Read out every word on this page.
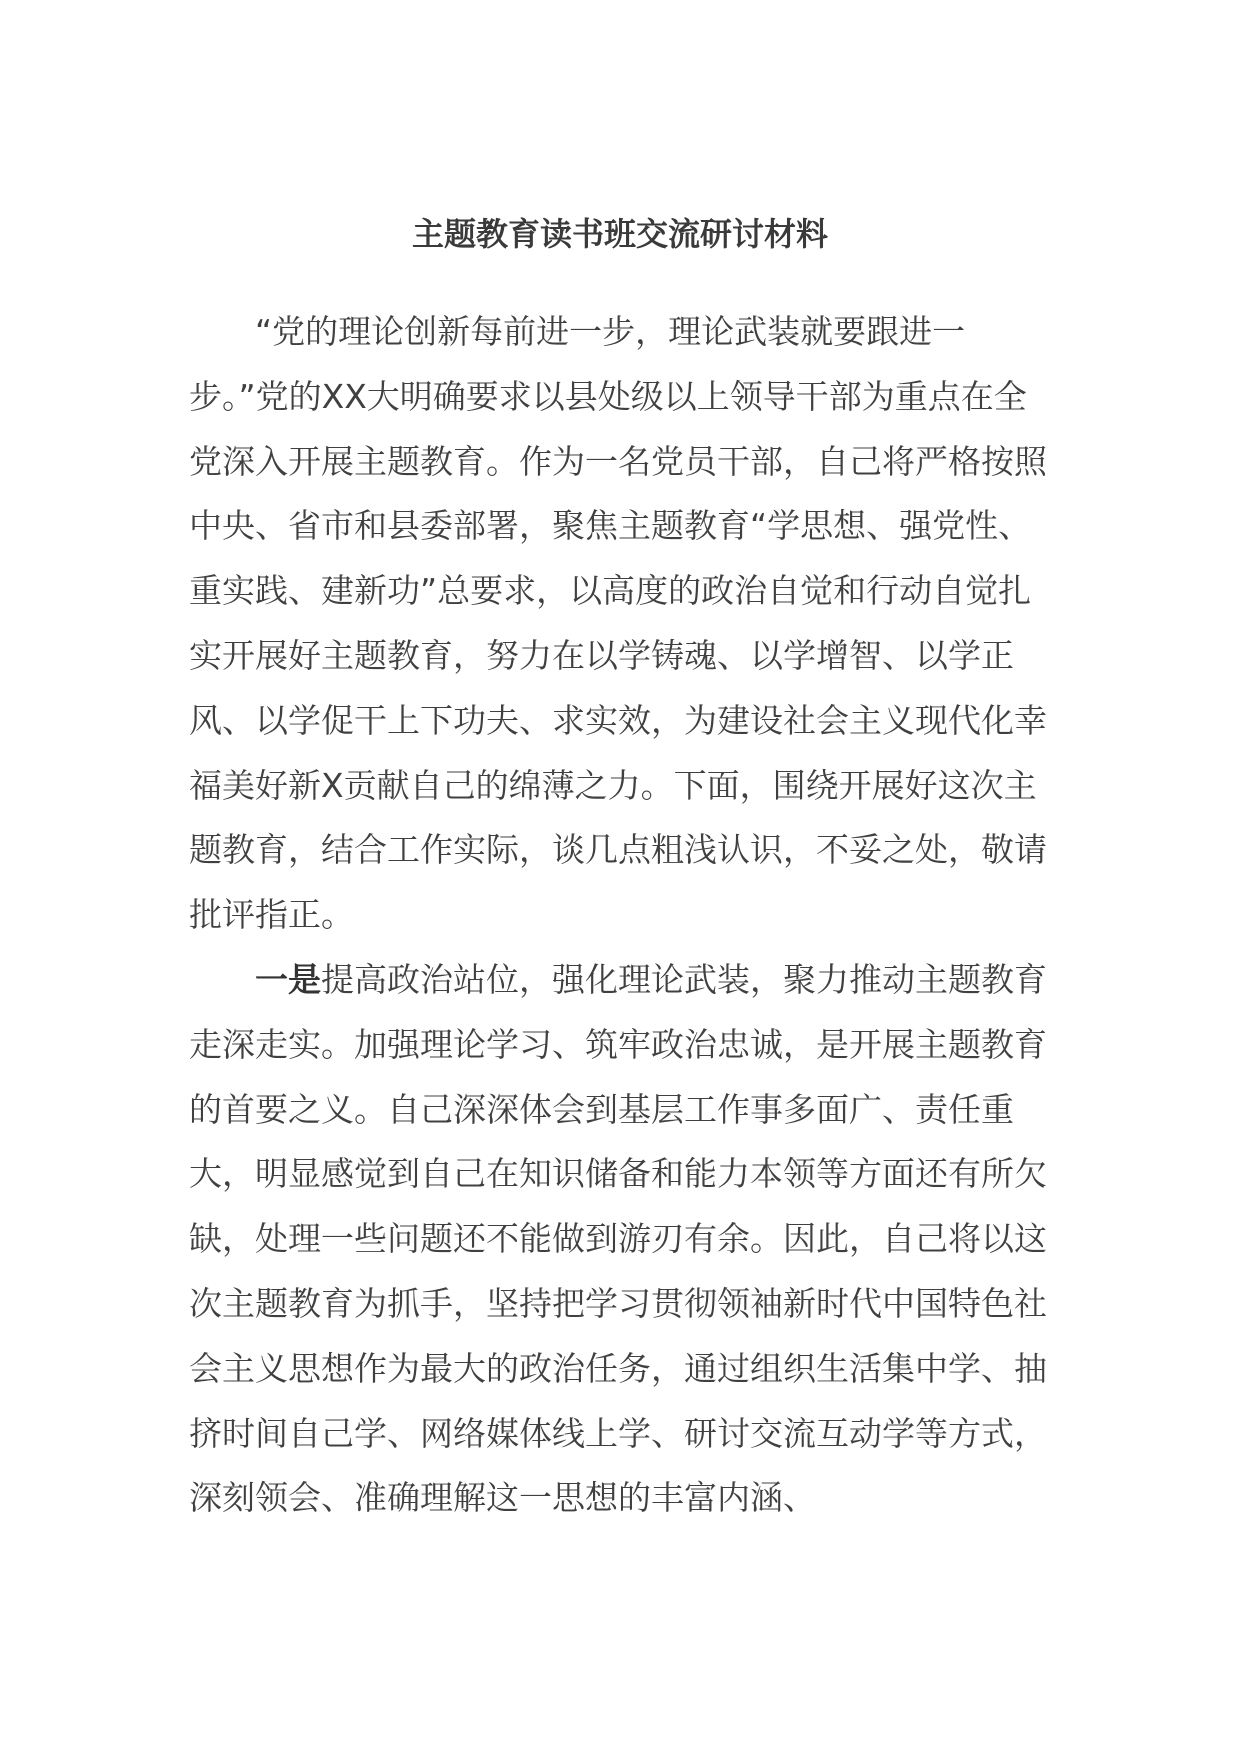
主题教育读书班交流研讨材料

“党的理论创新每前进一步，理论武装就要跟进一步。”党的XX大明确要求以县处级以上领导干部为重点在全党深入开展主题教育。作为一名党员干部，自己将严格按照中央、省市和县委部署，聚焦主题教育“学思想、强党性、重实践、建新功”总要求，以高度的政治自觉和行动自觉扎实开展好主题教育，努力在以学铸魂、以学增智、以学正风、以学促干上下功夫、求实效，为建设社会主义现代化幸福美好新X贡献自己的绵薄之力。下面，围绕开展好这次主题教育，结合工作实际，谈几点粗浅认识，不妥之处，敬请批评指正。

一是提高政治站位，强化理论武装，聚力推动主题教育走深走实。加强理论学习、筑牢政治忠诚，是开展主题教育的首要之义。自己深深体会到基层工作事多面广、责任重大，明显感觉到自己在知识储备和能力本领等方面还有所欠缺，处理一些问题还不能做到游刃有余。因此，自己将以这次主题教育为抓手，坚持把学习贯彻领袖新时代中国特色社会主义思想作为最大的政治任务，通过组织生活集中学、抽挤时间自己学、网络媒体线上学、研讨交流互动学等方式，深刻领会、准确理解这一思想的丰富内涵、
